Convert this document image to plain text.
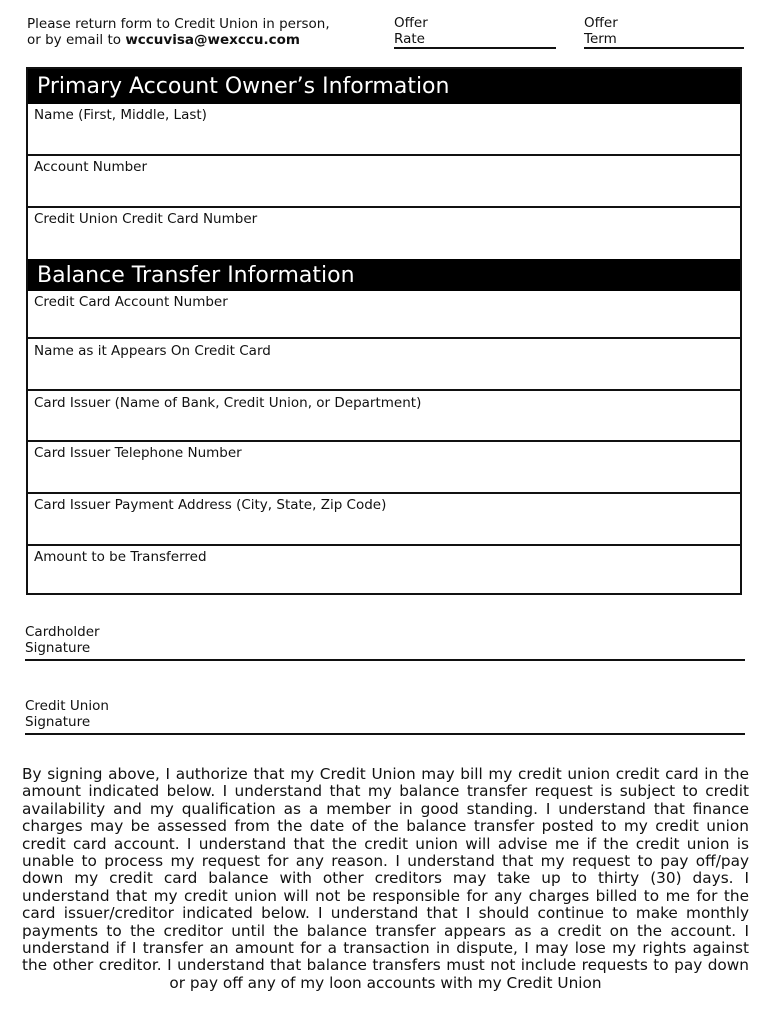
Please return form to Credit Union in person,
or by email to wccuvisa@wexccu.com
Offer
Rate
Offer
Term
Primary Account Owner’s Information
Name (First, Middle, Last)
Account Number
Credit Union Credit Card Number
Balance Transfer Information
Credit Card Account Number
Name as it Appears On Credit Card
Card Issuer (Name of Bank, Credit Union, or Department)
Card Issuer Telephone Number
Card Issuer Payment Address (City, State, Zip Code)
Amount to be Transferred
Cardholder
Signature
Credit Union
Signature
By signing above, I authorize that my Credit Union may bill my credit union credit card in the amount indicated below. I understand that my balance transfer request is subject to credit availability and my qualification as a member in good standing. I understand that finance charges may be assessed from the date of the balance transfer posted to my credit union credit card account. I understand that the credit union will advise me if the credit union is unable to process my request for any reason. I understand that my request to pay off/pay down my credit card balance with other creditors may take up to thirty (30) days. I understand that my credit union will not be responsible for any charges billed to me for the card issuer/creditor indicated below. I understand that I should continue to make monthly payments to the creditor until the balance transfer appears as a credit on the account. I understand if I transfer an amount for a transaction in dispute, I may lose my rights against the other creditor. I understand that balance transfers must not include requests to pay down or pay off any of my loon accounts with my Credit Union
